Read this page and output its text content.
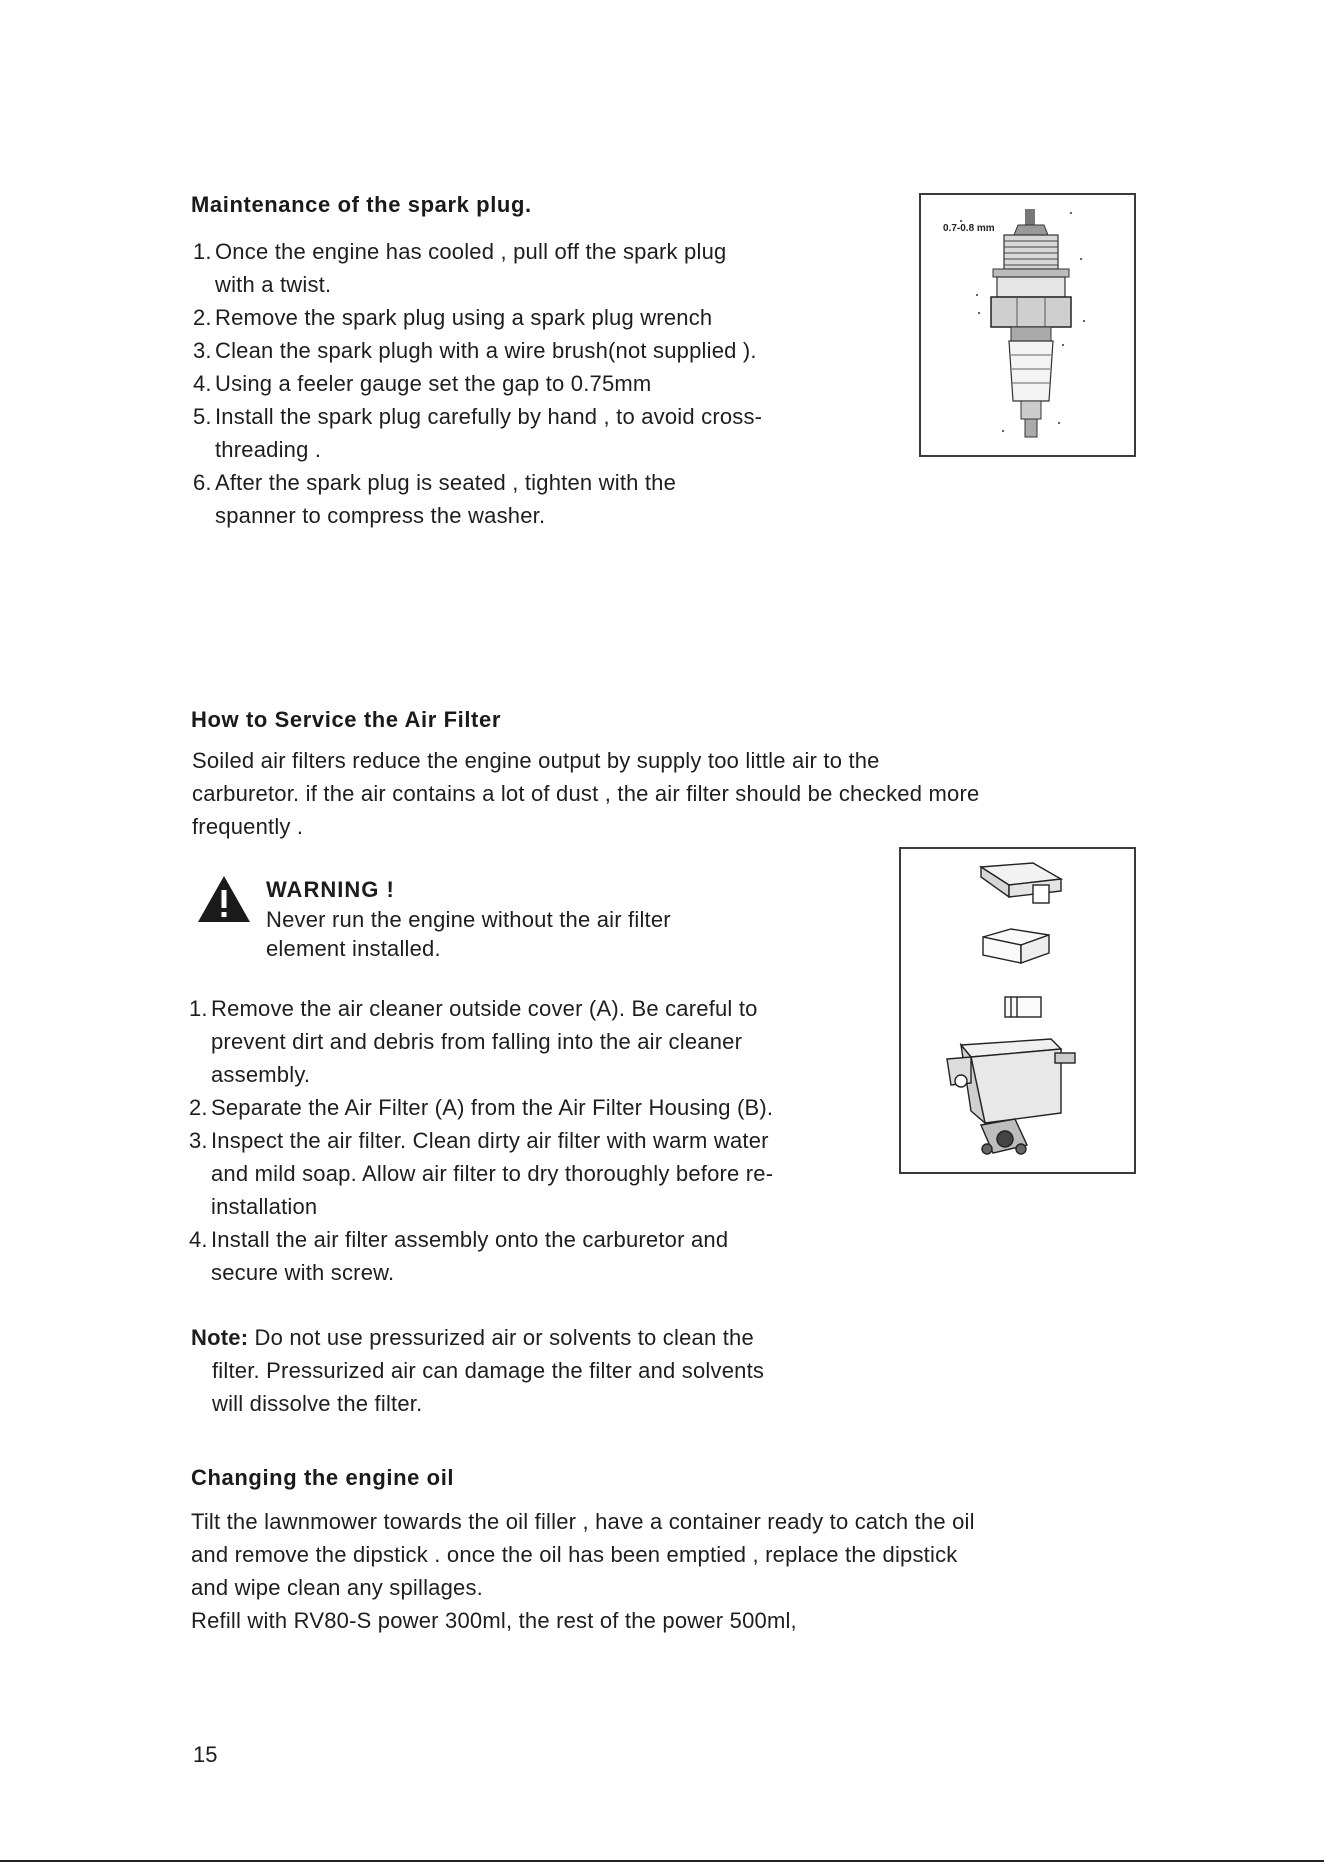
Maintenance of the spark plug.
1. Once the engine has cooled , pull off the spark plug
with a twist.
2. Remove the spark plug using a spark plug wrench
3. Clean the spark plugh with a wire brush(not supplied ).
4. Using a feeler gauge set the gap to 0.75mm
5. Install the spark plug carefully by hand , to avoid cross-
threading .
6. After the spark plug is seated , tighten with the
spanner to compress the washer.
0.7-0.8 mm
How to Service the Air Filter
Soiled air filters reduce the engine output by supply too little air to the
carburetor. if the air contains a lot of dust , the air filter should be checked more
frequently .
WARNING !
Never run the engine without the air filter
element installed.
1. Remove the air cleaner outside cover (A). Be careful to
prevent dirt and debris from falling into the air cleaner
assembly.
2. Separate the Air Filter (A) from the Air Filter Housing (B).
3. Inspect the air filter. Clean dirty air filter with warm water
and mild soap. Allow air filter to dry thoroughly before re-
installation
4. Install the air filter assembly onto the carburetor and
secure with screw.
Note: Do not use pressurized air or solvents to clean the
filter. Pressurized air can damage the filter and solvents
will dissolve the filter.
Changing the engine oil
Tilt the lawnmower towards the oil filler , have a container ready to catch the oil
and remove the dipstick . once the oil has been emptied , replace the dipstick
and wipe clean any spillages.
Refill with RV80-S power 300ml, the rest of the power 500ml,
15
